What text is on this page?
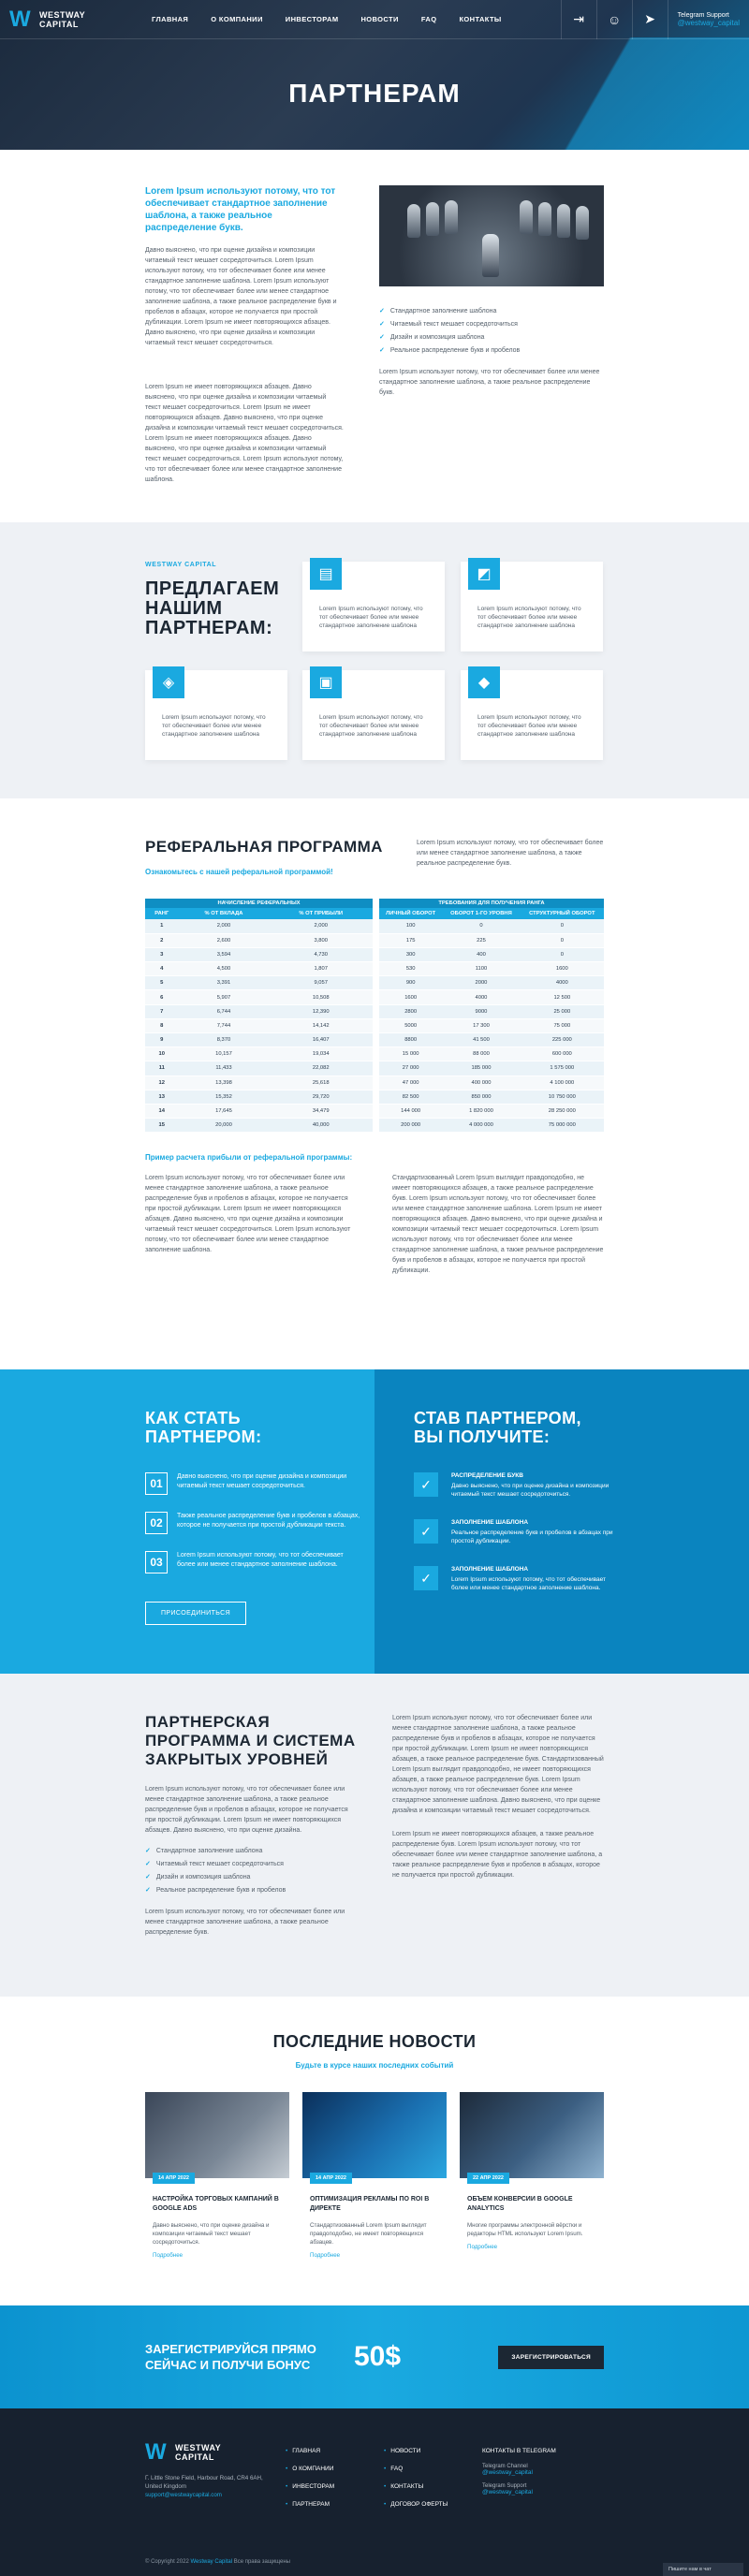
W
WESTWAY
CAPITAL	ГЛАВНАЯ	О КОМПАНИИ	ИНВЕСТОРАМ	НОВОСТИ	FAQ	КОНТАКТЫ	⇥	☺	➤	Telegram Support
@westway_capital
ПАРТНЕРАМ
Lorem Ipsum используют потому, что тот обеспечивает стандартное заполнение шаблона, а также реальное распределение букв.

Давно выяснено, что при оценке дизайна и композиции читаемый текст мешает сосредоточиться. Lorem Ipsum используют потому, что тот обеспечивает более или менее стандартное заполнение шаблона. Lorem Ipsum используют потому, что тот обеспечивает более или менее стандартное заполнение шаблона, а также реальное распределение букв и пробелов в абзацах, которое не получается при простой дубликации. Lorem Ipsum не имеет повторяющихся абзацев. Давно выяснено, что при оценке дизайна и композиции читаемый текст мешает сосредоточиться.

Lorem Ipsum не имеет повторяющихся абзацев. Давно выяснено, что при оценке дизайна и композиции читаемый текст мешает сосредоточиться. Lorem Ipsum не имеет повторяющихся абзацев. Давно выяснено, что при оценке дизайна и композиции читаемый текст мешает сосредоточиться. Lorem Ipsum не имеет повторяющихся абзацев. Давно выяснено, что при оценке дизайна и композиции читаемый текст мешает сосредоточиться. Lorem Ipsum используют потому, что тот обеспечивает более или менее стандартное заполнение шаблона.

✓ Стандартное заполнение шаблона
✓ Читаемый текст мешает сосредоточиться
✓ Дизайн и композиция шаблона
✓ Реальное распределение букв и пробелов

Lorem Ipsum используют потому, что тот обеспечивает более или менее стандартное заполнение шаблона, а также реальное распределение букв.

WESTWAY CAPITAL
ПРЕДЛАГАЕМ НАШИМ ПАРТНЕРАМ:
▤
Lorem Ipsum используют потому, что тот обеспечивает более или менее стандартное заполнение шаблона
◩
Lorem Ipsum используют потому, что тот обеспечивает более или менее стандартное заполнение шаблона
◈
Lorem Ipsum используют потому, что тот обеспечивает более или менее стандартное заполнение шаблона
▣
Lorem Ipsum используют потому, что тот обеспечивает более или менее стандартное заполнение шаблона
◆
Lorem Ipsum используют потому, что тот обеспечивает более или менее стандартное заполнение шаблона
РЕФЕРАЛЬНАЯ ПРОГРАММА
Ознакомьтесь с нашей реферальной программой!

Lorem Ipsum используют потому, что тот обеспечивает более или менее стандартное заполнение шаблона, а также реальное распределение букв.

НАЧИСЛЕНИЕ РЕФЕРАЛЬНЫХ		
РАНГ	% ОТ ВКЛАДА	% ОТ ПРИБЫЛИ
1	2,000	2,000
2	2,600	3,800
3	3,594	4,730
4	4,500	1,807
5	3,391	9,057
6	5,907	10,508
7	6,744	12,390
8	7,744	14,142
9	8,370	16,407
10	10,157	19,034
11	11,433	22,082
12	13,398	25,618
13	15,352	29,720
14	17,645	34,479
15	20,000	40,000
ТРЕБОВАНИЯ ДЛЯ ПОЛУЧЕНИЯ РАНГА		
ЛИЧНЫЙ ОБОРОТ	ОБОРОТ 1-ГО УРОВНЯ	СТРУКТУРНЫЙ ОБОРОТ
100	0	0
175	225	0
300	400	0
530	1100	1600
900	2000	4000
1600	4000	12 500
2800	9000	25 000
5000	17 300	75 000
8800	41 500	225 000
15 000	88 000	600 000
27 000	185 000	1 575 000
47 000	400 000	4 100 000
82 500	850 000	10 750 000
144 000	1 820 000	28 250 000
200 000	4 000 000	75 000 000
Пример расчета прибыли от реферальной программы:

Lorem Ipsum используют потому, что тот обеспечивает более или менее стандартное заполнение шаблона, а также реальное распределение букв и пробелов в абзацах, которое не получается при простой дубликации. Lorem Ipsum не имеет повторяющихся абзацев. Давно выяснено, что при оценке дизайна и композиции читаемый текст мешает сосредоточиться. Lorem Ipsum используют потому, что тот обеспечивает более или менее стандартное заполнение шаблона.

Стандартизованный Lorem Ipsum выглядит правдоподобно, не имеет повторяющихся абзацев, а также реальное распределение букв. Lorem Ipsum используют потому, что тот обеспечивает более или менее стандартное заполнение шаблона. Lorem Ipsum не имеет повторяющихся абзацев. Давно выяснено, что при оценке дизайна и композиции читаемый текст мешает сосредоточиться. Lorem Ipsum используют потому, что тот обеспечивает более или менее стандартное заполнение шаблона, а также реальное распределение букв и пробелов в абзацах, которое не получается при простой дубликации.

КАК СТАТЬ ПАРТНЕРОМ:
01
Давно выяснено, что при оценке дизайна и композиции читаемый текст мешает сосредоточиться.
02
Также реальное распределение букв и пробелов в абзацах, которое не получается при простой дубликации текста.
03
Lorem Ipsum используют потому, что тот обеспечивает более или менее стандартное заполнение шаблона.
ПРИСОЕДИНИТЬСЯ
СТАВ ПАРТНЕРОМ, ВЫ ПОЛУЧИТЕ:
✓
РАСПРЕДЕЛЕНИЕ БУКВ
Давно выяснено, что при оценке дизайна и композиции читаемый текст мешает сосредоточиться.
✓
ЗАПОЛНЕНИЕ ШАБЛОНА
Реальное распределение букв и пробелов в абзацах при простой дубликации.
✓
ЗАПОЛНЕНИЕ ШАБЛОНА
Lorem Ipsum используют потому, что тот обеспечивает более или менее стандартное заполнение шаблона.
ПАРТНЕРСКАЯ ПРОГРАММА И СИСТЕМА ЗАКРЫТЫХ УРОВНЕЙ

Lorem Ipsum используют потому, что тот обеспечивает более или менее стандартное заполнение шаблона, а также реальное распределение букв и пробелов в абзацах, которое не получается при простой дубликации. Lorem Ipsum не имеет повторяющихся абзацев. Давно выяснено, что при оценке дизайна.

✓ Стандартное заполнение шаблона
✓ Читаемый текст мешает сосредоточиться
✓ Дизайн и композиция шаблона
✓ Реальное распределение букв и пробелов

Lorem Ipsum используют потому, что тот обеспечивает более или менее стандартное заполнение шаблона, а также реальное распределение букв.

Lorem Ipsum используют потому, что тот обеспечивает более или менее стандартное заполнение шаблона, а также реальное распределение букв и пробелов в абзацах, которое не получается при простой дубликации. Lorem Ipsum не имеет повторяющихся абзацев, а также реальное распределение букв. Стандартизованный Lorem Ipsum выглядит правдоподобно, не имеет повторяющихся абзацев, а также реальное распределение букв. Lorem Ipsum используют потому, что тот обеспечивает более или менее стандартное заполнение шаблона. Давно выяснено, что при оценке дизайна и композиции читаемый текст мешает сосредоточиться.

Lorem Ipsum не имеет повторяющихся абзацев, а также реальное распределение букв. Lorem Ipsum используют потому, что тот обеспечивает более или менее стандартное заполнение шаблона, а также реальное распределение букв и пробелов в абзацах, которое не получается при простой дубликации.

ПОСЛЕДНИЕ НОВОСТИ
Будьте в курсе наших последних событий
14 АПР 2022
НАСТРОЙКА ТОРГОВЫХ КАМПАНИЙ В GOOGLE ADS
Давно выяснено, что при оценке дизайна и композиции читаемый текст мешает сосредоточиться.
Подробнее
14 АПР 2022
ОПТИМИЗАЦИЯ РЕКЛАМЫ ПО ROI В ДИРЕКТЕ
Стандартизованный Lorem Ipsum выглядит правдоподобно, не имеет повторяющихся абзацев.
Подробнее
22 АПР 2022
ОБЪЕМ КОНВЕРСИИ В GOOGLE ANALYTICS
Многие программы электронной вёрстки и редакторы HTML используют Lorem Ipsum.
Подробнее
ЗАРЕГИСТРИРУЙСЯ ПРЯМО СЕЙЧАС И ПОЛУЧИ БОНУС	50$	ЗАРЕГИСТРИРОВАТЬСЯ
W
WESTWAY
CAPITAL
Г. Little Stone Field, Harbour Road, CR4 6AH, United Kingdom
support@westwaycapital.com
• ГЛАВНАЯ
• О КОМПАНИИ
• ИНВЕСТОРАМ
• ПАРТНЕРАМ
• НОВОСТИ
• FAQ
• КОНТАКТЫ
• ДОГОВОР ОФЕРТЫ
КОНТАКТЫ В TELEGRAM
Telegram Channel
@westway_capital
Telegram Support
@westway_capital
© Copyright 2022 Westway Capital Все права защищены
Пишите нам в чат
